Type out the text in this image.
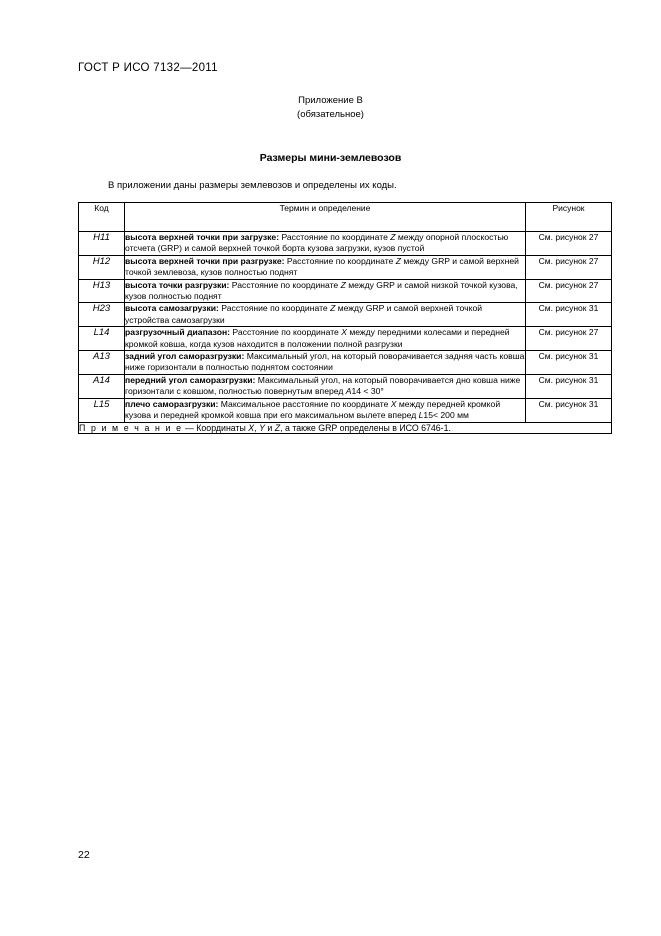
ГОСТ Р ИСО 7132—2011
Приложение В
(обязательное)
Размеры мини-землевозов
В приложении даны размеры землевозов и определены их коды.
Код	Термин и определение	Рисунок
H11	высота верхней точки при загрузке: Расстояние по координате Z между опорной плоскостью отсчета (GRP) и самой верхней точкой борта кузова загрузки, кузов пустой	См. рисунок 27
H12	высота верхней точки при разгрузке: Расстояние по координате Z между GRP и самой верхней точкой землевоза, кузов полностью поднят	См. рисунок 27
H13	высота точки разгрузки: Расстояние по координате Z между GRP и самой низкой точкой кузова, кузов полностью поднят	См. рисунок 27
H23	высота самозагрузки: Расстояние по координате Z между GRP и самой верхней точкой устройства самозагрузки	См. рисунок 31
L14	разгрузочный диапазон: Расстояние по координате X между передними колесами и передней кромкой ковша, когда кузов находится в положении полной разгрузки	См. рисунок 27
A13	задний угол саморазгрузки: Максимальный угол, на который поворачивается задняя часть ковша ниже горизонтали в полностью поднятом состоянии	См. рисунок 31
A14	передний угол саморазгрузки: Максимальный угол, на который поворачивается дно ковша ниже горизонтали с ковшом, полностью повернутым вперед A14 < 30°	См. рисунок 31
L15	плечо саморазгрузки: Максимальное расстояние по координате X между передней кромкой кузова и передней кромкой ковша при его максимальном вылете вперед L15< 200 мм	См. рисунок 31
П р и м е ч а н и е — Координаты X, Y и Z, а также GRP определены в ИСО 6746-1.		
22
